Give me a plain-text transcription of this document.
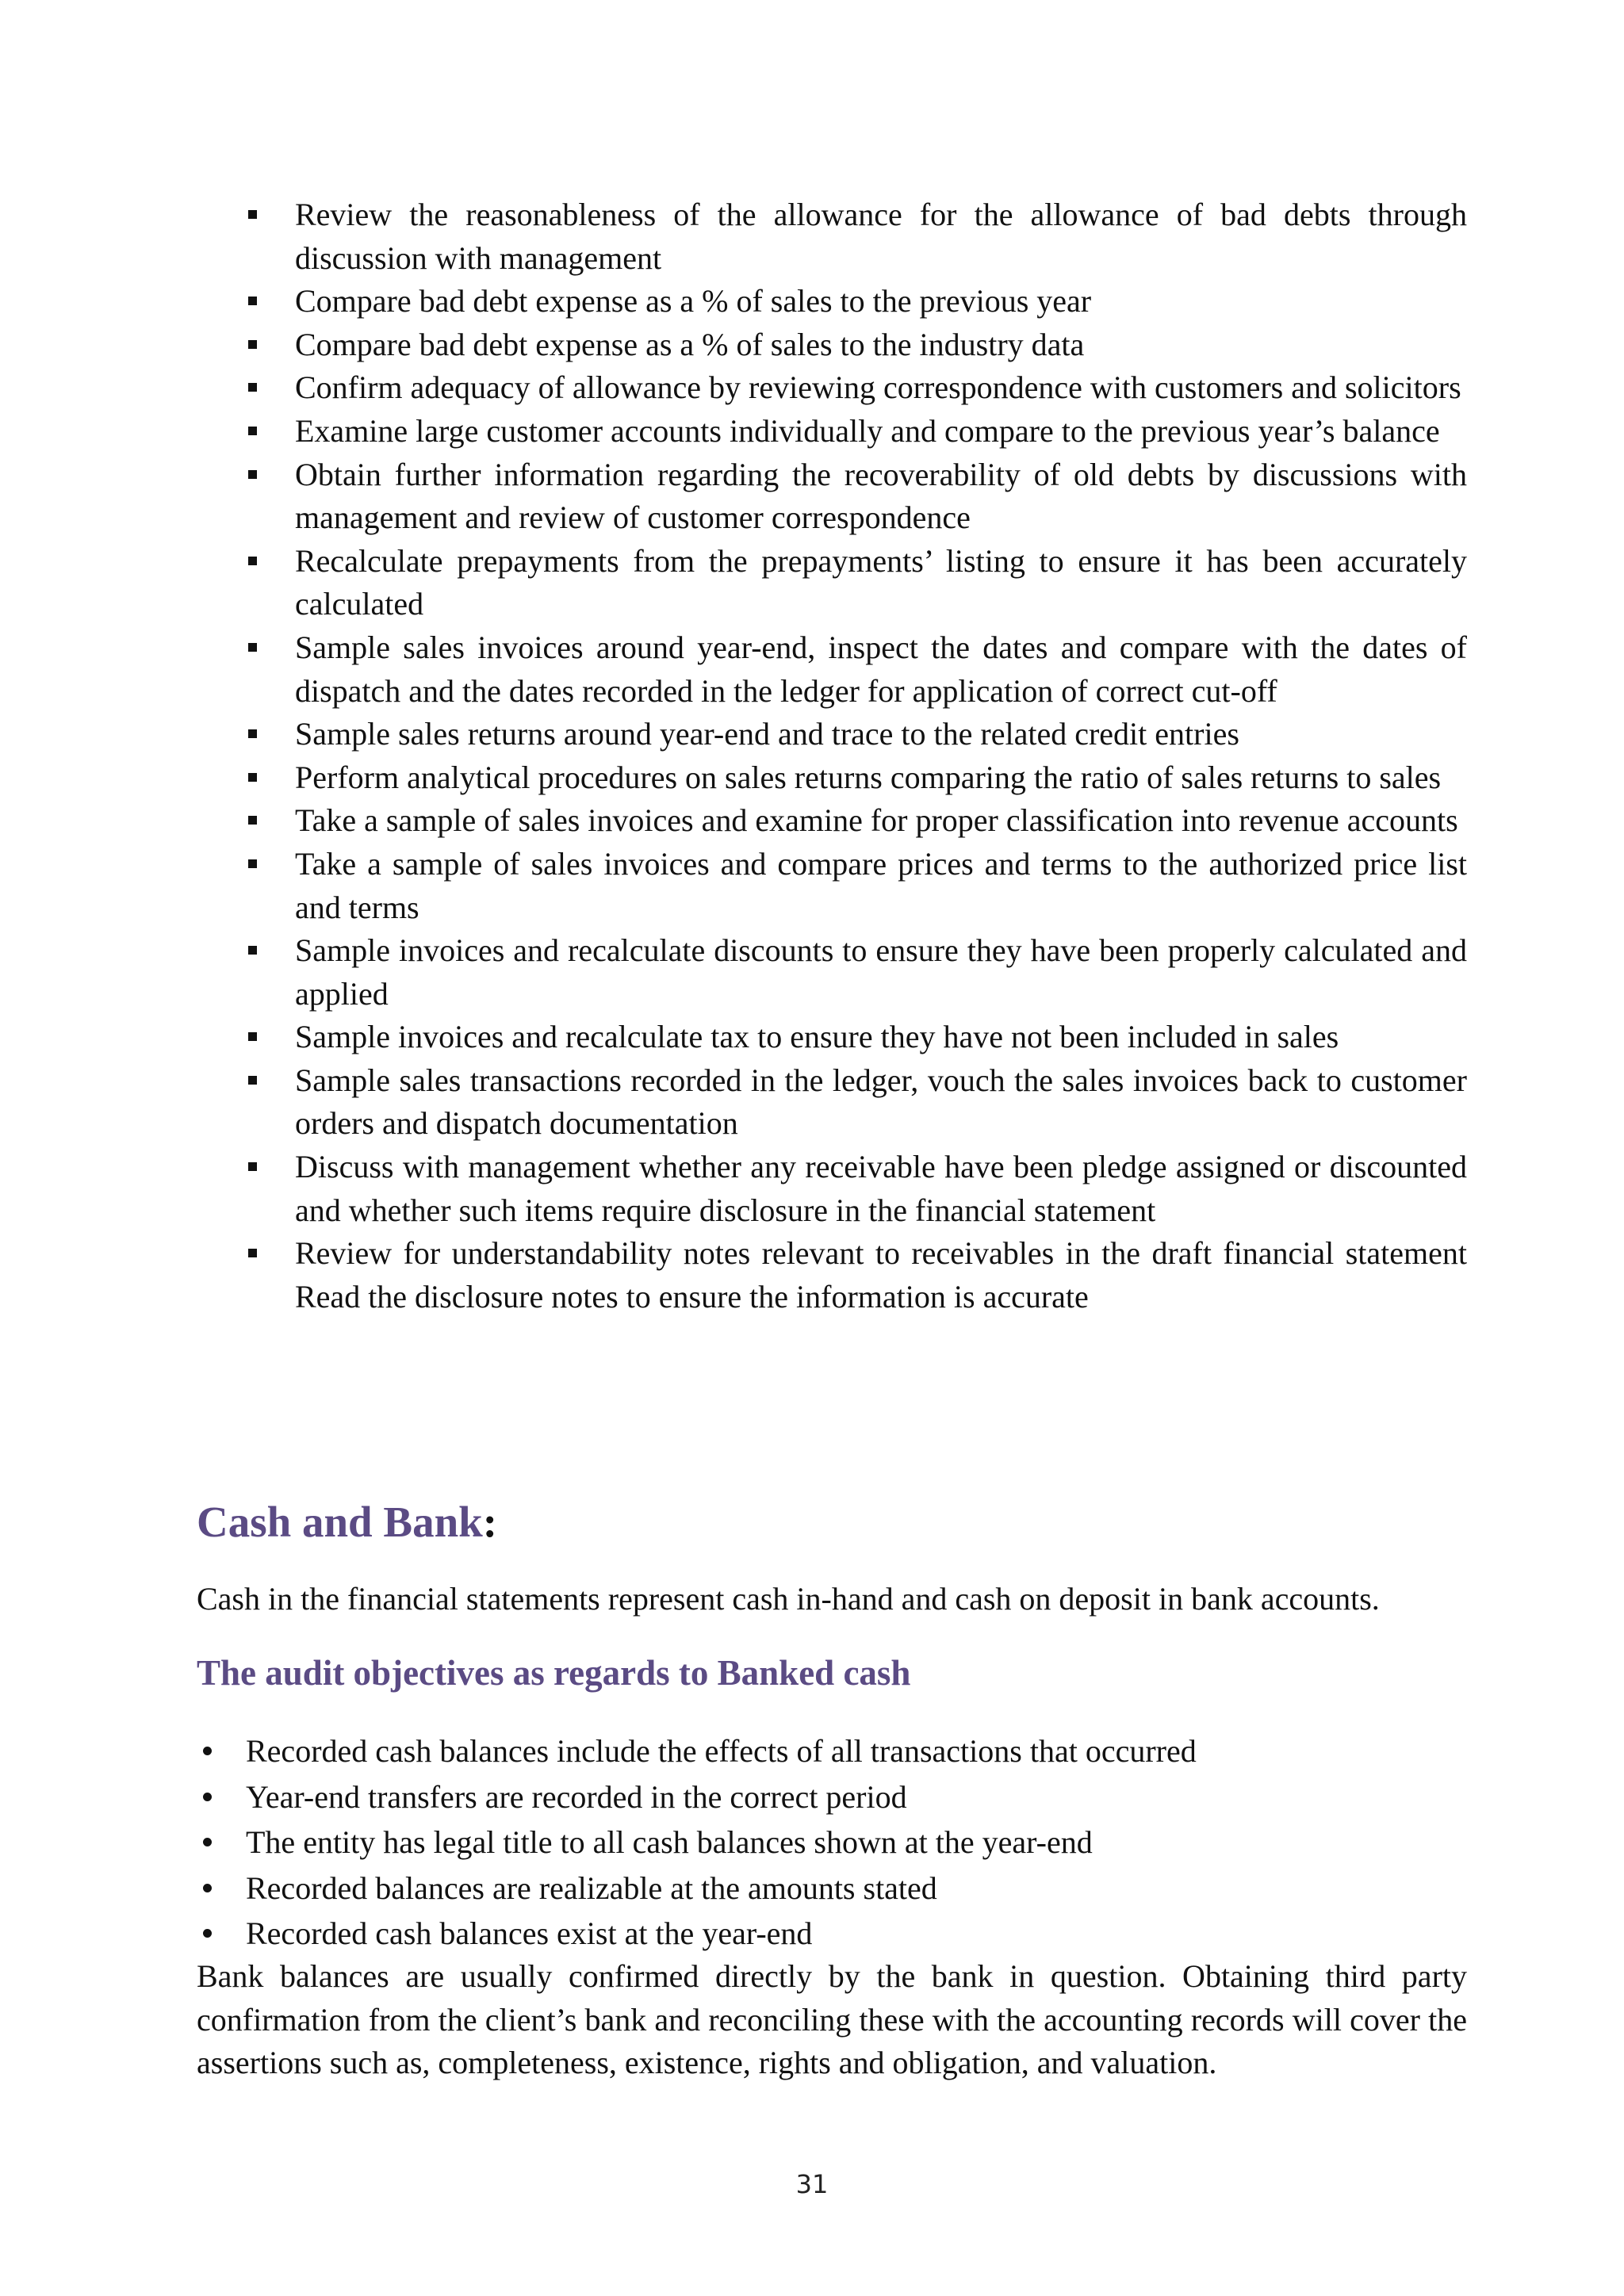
Review the reasonableness of the allowance for the allowance of bad debts through discussion with management
Compare bad debt expense as a % of sales to the previous year
Compare bad debt expense as a % of sales to the industry data
Confirm adequacy of allowance by reviewing correspondence with customers and solicitors
Examine large customer accounts individually and compare to the previous year’s balance
Obtain further information regarding the recoverability of old debts by discussions with management and review of customer correspondence
Recalculate prepayments from the prepayments’ listing to ensure it has been accurately calculated
Sample sales invoices around year-end, inspect the dates and compare with the dates of dispatch and the dates recorded in the ledger for application of correct cut-off
Sample sales returns around year-end and trace to the related credit entries
Perform analytical procedures on sales returns comparing the ratio of sales returns to sales
Take a sample of sales invoices and examine for proper classification into revenue accounts
Take a sample of sales invoices and compare prices and terms to the authorized price list and terms
Sample invoices and recalculate discounts to ensure they have been properly calculated and applied
Sample invoices and recalculate tax to ensure they have not been included in sales
Sample sales transactions recorded in the ledger, vouch the sales invoices back to customer orders and dispatch documentation
Discuss with management whether any receivable have been pledge assigned or discounted and whether such items require disclosure in the financial statement
Review for understandability notes relevant to receivables in the draft financial statement Read the disclosure notes to ensure the information is accurate
Cash and Bank:

Cash in the financial statements represent cash in-hand and cash on deposit in bank accounts.

The audit objectives as regards to Banked cash
Recorded cash balances include the effects of all transactions that occurred
Year-end transfers are recorded in the correct period
The entity has legal title to all cash balances shown at the year-end
Recorded balances are realizable at the amounts stated
Recorded cash balances exist at the year-end

Bank balances are usually confirmed directly by the bank in question. Obtaining third party confirmation from the client’s bank and reconciling these with the accounting records will cover the assertions such as, completeness, existence, rights and obligation, and valuation.

31
